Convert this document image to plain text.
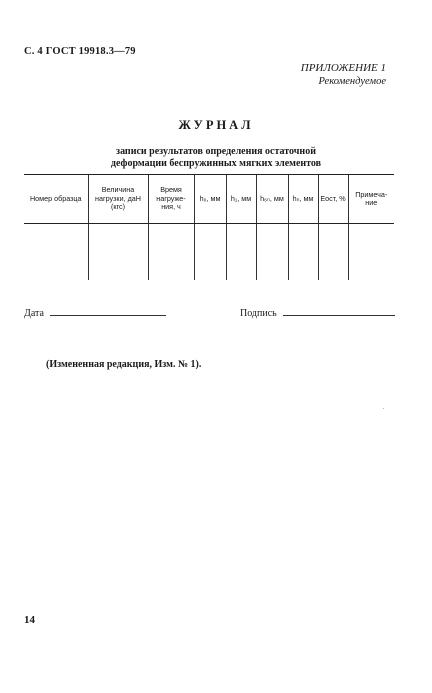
С. 4 ГОСТ 19918.3—79
ПРИЛОЖЕНИЕ 1
Рекомендуемое
ЖУРНАЛ
записи результатов определения остаточной
деформации беспружинных мягких элементов
Номер образца	Величина нагрузки, даН (кгс)	Время нагруже-ния, ч	h₀, мм	h₁, мм	h₆ₙ, мм	hₙ, мм	Eост, %	Примеча-ние

Дата	Подпись
(Измененная редакция, Изм. № 1).
14
